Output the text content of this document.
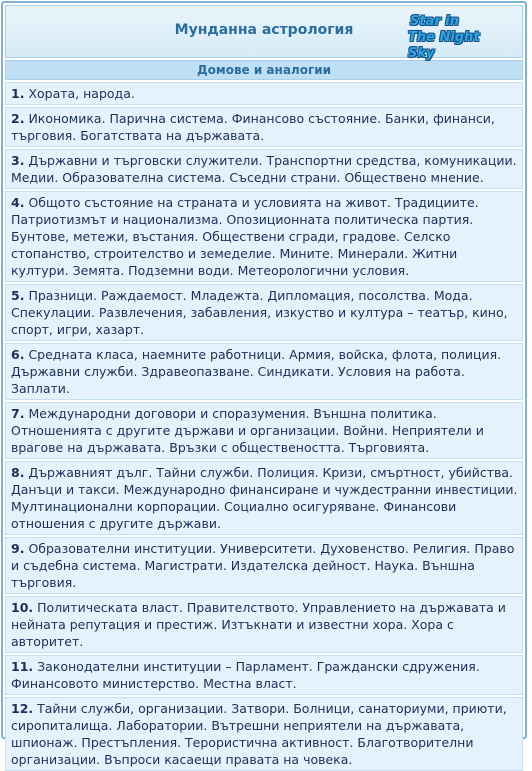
Мунданна астрология
Star in
The Night Sky
Домове и аналогии
1. Хората, народа.
2. Икономика. Парична система. Финансово състояние. Банки, финанси, търговия. Богатствата на държавата.
3. Държавни и търговски служители. Транспортни средства, комуникации. Медии. Образователна система. Съседни страни. Обществено мнение.
4. Общото състояние на страната и условията на живот. Традициите. Патриотизмът и национализма. Опозиционната политическа партия. Бунтове, метежи, въстания. Обществени сгради, градове. Селско стопанство, строителство и земеделие. Мините. Минерали. Житни култури. Земята. Подземни води. Метеорологични условия.
5. Празници. Раждаемост. Младежта. Дипломация, посолства. Мода. Спекулации. Развлечения, забавления, изкуство и култура – театър, кино, спорт, игри, хазарт.
6. Средната класа, наемните работници. Армия, войска, флота, полиция. Държавни служби. Здравеопазване. Синдикати. Условия на работа. Заплати.
7. Международни договори и споразумения. Външна политика. Отношенията с другите държави и организации. Войни. Неприятели и врагове на държавата. Връзки с обществеността. Търговията.
8. Държавният дълг. Тайни служби. Полиция. Кризи, смъртност, убийства. Данъци и такси. Международно финансиране и чуждестранни инвестиции. Мултинационални корпорации. Социално осигуряване. Финансови отношения с другите държави.
9. Образователни институции. Университети. Духовенство. Религия. Право и съдебна система. Магистрати. Издателска дейност. Наука. Външна търговия.
10. Политическата власт. Правителството. Управлението на държавата и нейната репутация и престиж. Изтъкнати и известни хора. Хора с авторитет.
11. Законодателни институции – Парламент. Граждански сдружения. Финансовото министерство. Местна власт.
12. Тайни служби, организации. Затвори. Болници, санаториуми, приюти, сиропиталища. Лаборатории. Вътрешни неприятели на държавата, шпионаж. Престъпления. Терористична активност. Благотворителни организации. Въпроси касаещи правата на човека.
